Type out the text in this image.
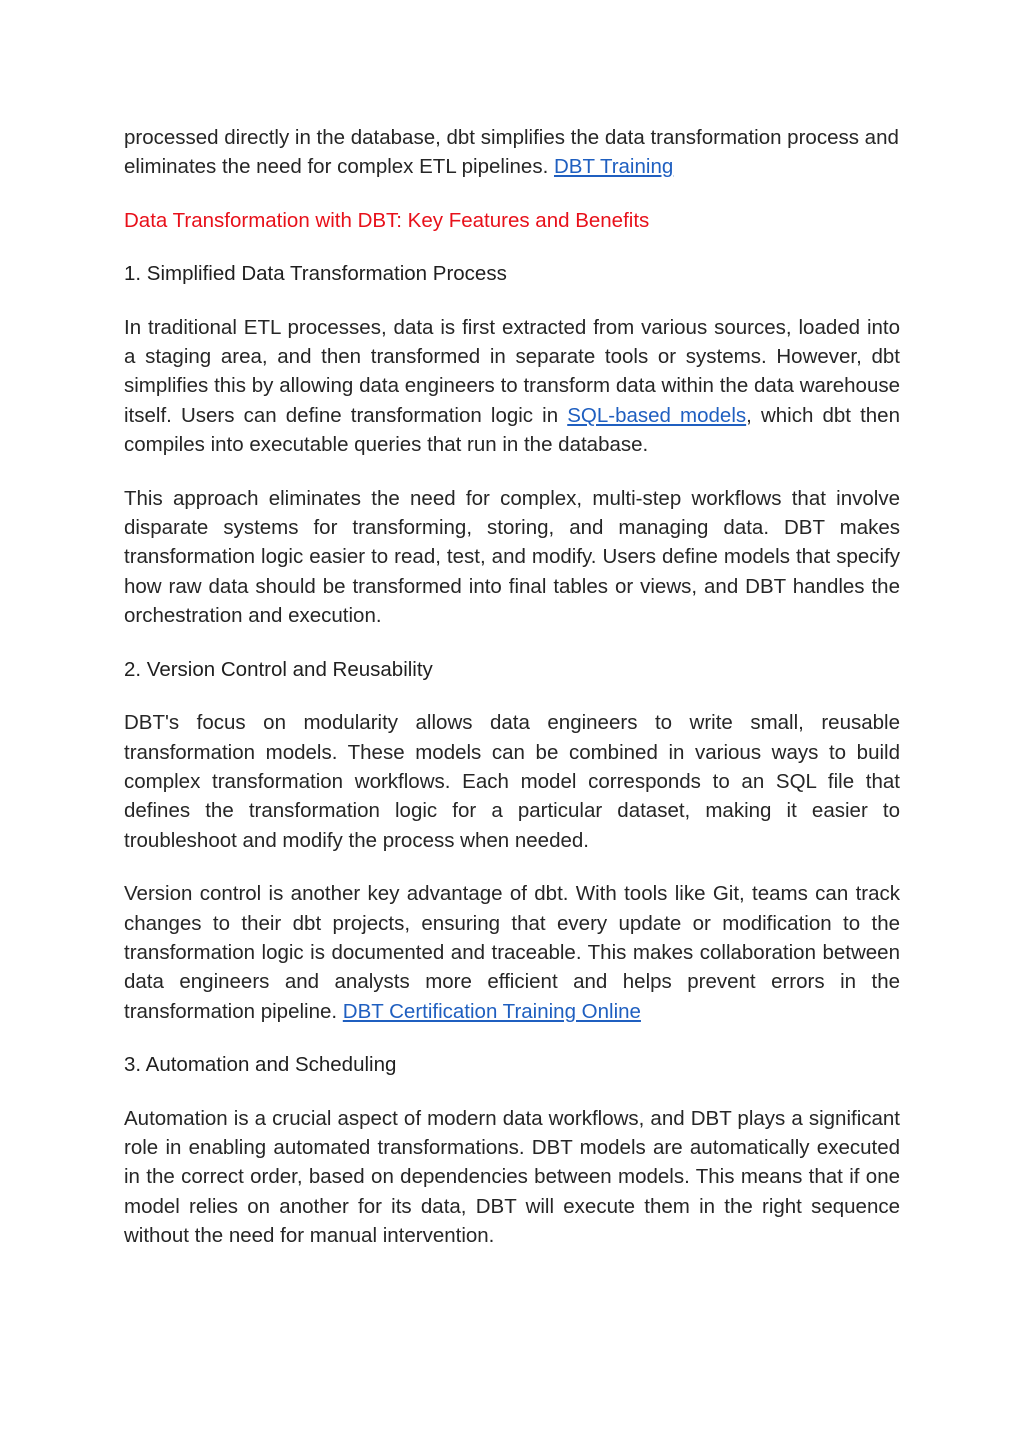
processed directly in the database, dbt simplifies the data transformation process and eliminates the need for complex ETL pipelines. DBT Training

Data Transformation with DBT: Key Features and Benefits
1. Simplified Data Transformation Process

In traditional ETL processes, data is first extracted from various sources, loaded into a staging area, and then transformed in separate tools or systems. However, dbt simplifies this by allowing data engineers to transform data within the data warehouse itself. Users can define transformation logic in SQL-based models, which dbt then compiles into executable queries that run in the database.

This approach eliminates the need for complex, multi-step workflows that involve disparate systems for transforming, storing, and managing data. DBT makes transformation logic easier to read, test, and modify. Users define models that specify how raw data should be transformed into final tables or views, and DBT handles the orchestration and execution.

2. Version Control and Reusability

DBT's focus on modularity allows data engineers to write small, reusable transformation models. These models can be combined in various ways to build complex transformation workflows. Each model corresponds to an SQL file that defines the transformation logic for a particular dataset, making it easier to troubleshoot and modify the process when needed.

Version control is another key advantage of dbt. With tools like Git, teams can track changes to their dbt projects, ensuring that every update or modification to the transformation logic is documented and traceable. This makes collaboration between data engineers and analysts more efficient and helps prevent errors in the transformation pipeline. DBT Certification Training Online

3. Automation and Scheduling

Automation is a crucial aspect of modern data workflows, and DBT plays a significant role in enabling automated transformations. DBT models are automatically executed in the correct order, based on dependencies between models. This means that if one model relies on another for its data, DBT will execute them in the right sequence without the need for manual intervention.
